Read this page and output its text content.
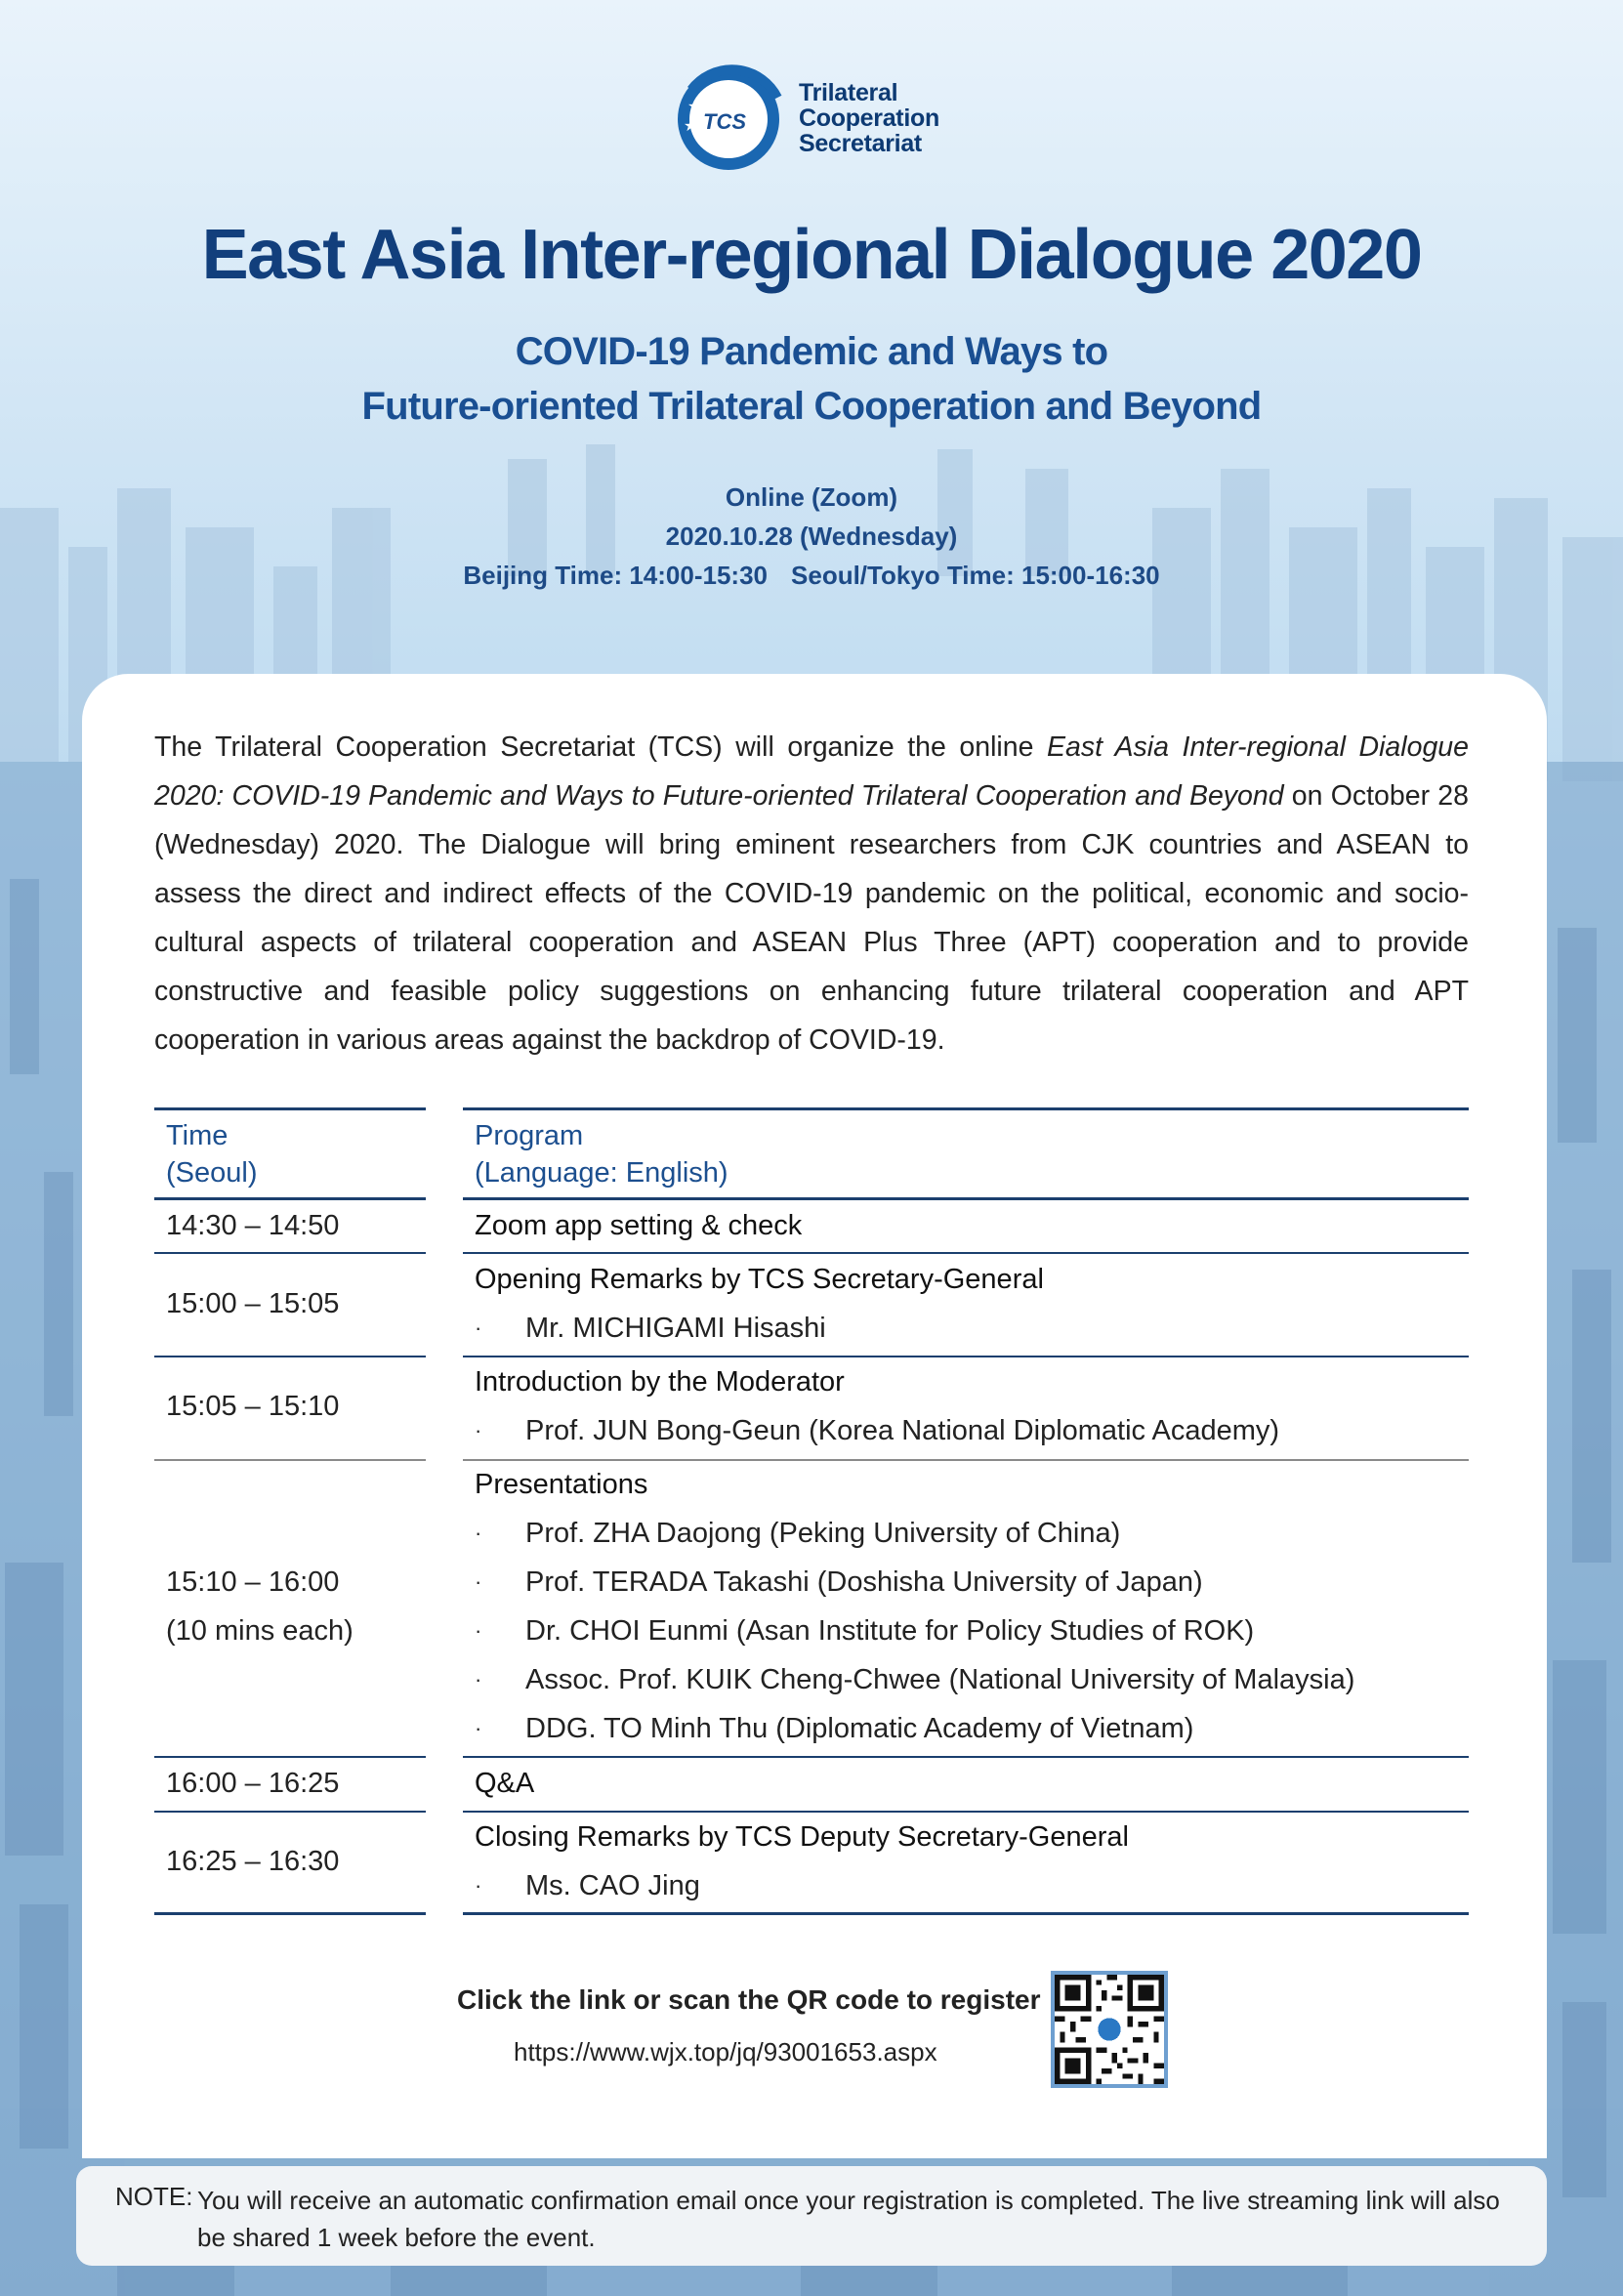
★★
★ TCS
Trilateral
Cooperation
Secretariat
East Asia Inter-regional Dialogue 2020
COVID-19 Pandemic and Ways to
Future-oriented Trilateral Cooperation and Beyond
Online (Zoom)
2020.10.28 (Wednesday)
Beijing Time: 14:00-15:30 Seoul/Tokyo Time: 15:00-16:30
The Trilateral Cooperation Secretariat (TCS) will organize the online East Asia Inter-regional Dialogue 2020: COVID-19 Pandemic and Ways to Future-oriented Trilateral Cooperation and Beyond on October 28 (Wednesday) 2020. The Dialogue will bring eminent researchers from CJK countries and ASEAN to assess the direct and indirect effects of the COVID-19 pandemic on the political, economic and socio-cultural aspects of trilateral cooperation and ASEAN Plus Three (APT) cooperation and to provide constructive and feasible policy suggestions on enhancing future trilateral cooperation and APT cooperation in various areas against the backdrop of COVID-19.
Time
(Seoul)
Program
(Language: English)
14:30 – 14:50	Zoom app setting & check
15:00 – 15:05
Opening Remarks by TCS Secretary-General
· Mr. MICHIGAMI Hisashi
15:05 – 15:10
Introduction by the Moderator
· Prof. JUN Bong-Geun (Korea National Diplomatic Academy)
15:10 – 16:00
(10 mins each)
Presentations
· Prof. ZHA Daojong (Peking University of China)
· Prof. TERADA Takashi (Doshisha University of Japan)
· Dr. CHOI Eunmi (Asan Institute for Policy Studies of ROK)
· Assoc. Prof. KUIK Cheng-Chwee (National University of Malaysia)
· DDG. TO Minh Thu (Diplomatic Academy of Vietnam)
16:00 – 16:25	Q&A
16:25 – 16:30
Closing Remarks by TCS Deputy Secretary-General
· Ms. CAO Jing
Click the link or scan the QR code to register
https://www.wjx.top/jq/93001653.aspx
NOTE: You will receive an automatic confirmation email once your registration is completed. The live streaming link will also be shared 1 week before the event.
